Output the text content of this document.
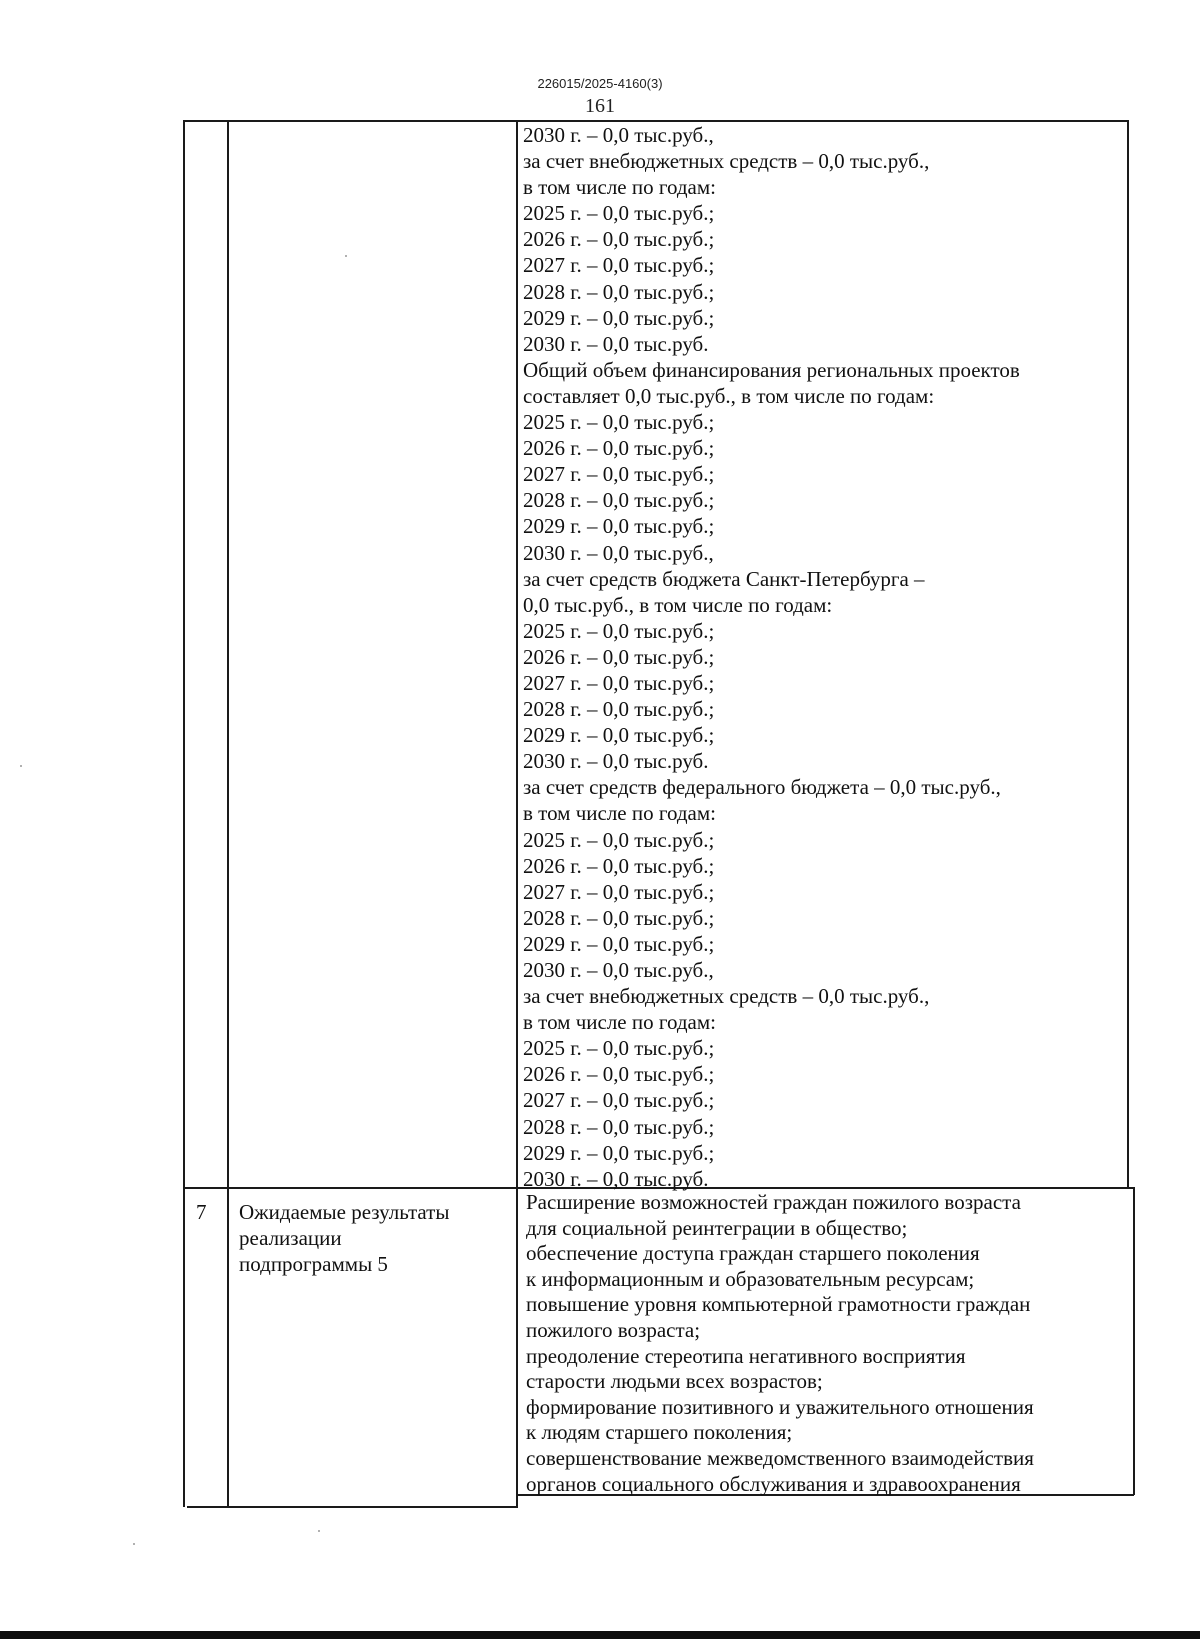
226015/2025-4160(3)
161
2030 г. – 0,0 тыс.руб.,
за счет внебюджетных средств – 0,0 тыс.руб.,
в том числе по годам:
2025 г. – 0,0 тыс.руб.;
2026 г. – 0,0 тыс.руб.;
2027 г. – 0,0 тыс.руб.;
2028 г. – 0,0 тыс.руб.;
2029 г. – 0,0 тыс.руб.;
2030 г. – 0,0 тыс.руб.
Общий объем финансирования региональных проектов
составляет 0,0 тыс.руб., в том числе по годам:
2025 г. – 0,0 тыс.руб.;
2026 г. – 0,0 тыс.руб.;
2027 г. – 0,0 тыс.руб.;
2028 г. – 0,0 тыс.руб.;
2029 г. – 0,0 тыс.руб.;
2030 г. – 0,0 тыс.руб.,
за счет средств бюджета Санкт-Петербурга –
0,0 тыс.руб., в том числе по годам:
2025 г. – 0,0 тыс.руб.;
2026 г. – 0,0 тыс.руб.;
2027 г. – 0,0 тыс.руб.;
2028 г. – 0,0 тыс.руб.;
2029 г. – 0,0 тыс.руб.;
2030 г. – 0,0 тыс.руб.
за счет средств федерального бюджета – 0,0 тыс.руб.,
в том числе по годам:
2025 г. – 0,0 тыс.руб.;
2026 г. – 0,0 тыс.руб.;
2027 г. – 0,0 тыс.руб.;
2028 г. – 0,0 тыс.руб.;
2029 г. – 0,0 тыс.руб.;
2030 г. – 0,0 тыс.руб.,
за счет внебюджетных средств – 0,0 тыс.руб.,
в том числе по годам:
2025 г. – 0,0 тыс.руб.;
2026 г. – 0,0 тыс.руб.;
2027 г. – 0,0 тыс.руб.;
2028 г. – 0,0 тыс.руб.;
2029 г. – 0,0 тыс.руб.;
2030 г. – 0,0 тыс.руб.
7 Ожидаемые результаты
реализации
подпрограммы 5
Расширение возможностей граждан пожилого возраста
для социальной реинтеграции в общество;
обеспечение доступа граждан старшего поколения
к информационным и образовательным ресурсам;
повышение уровня компьютерной грамотности граждан
пожилого возраста;
преодоление стереотипа негативного восприятия
старости людьми всех возрастов;
формирование позитивного и уважительного отношения
к людям старшего поколения;
совершенствование межведомственного взаимодействия
органов социального обслуживания и здравоохранения
